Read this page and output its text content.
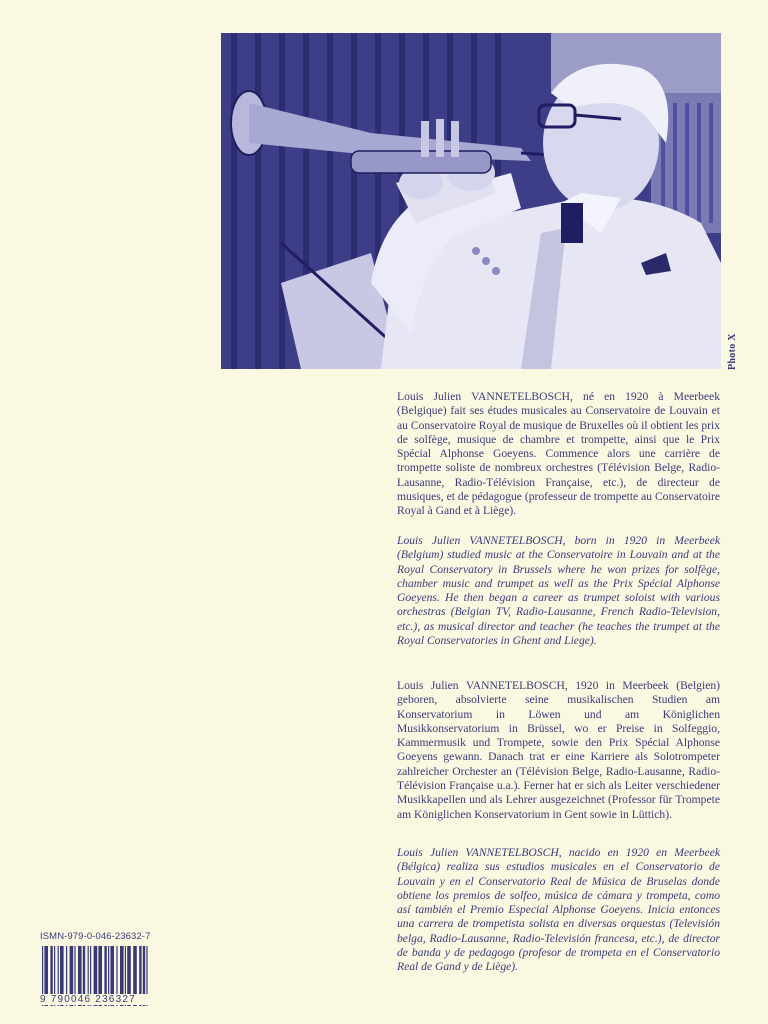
Photo X

Louis Julien VANNETELBOSCH, né en 1920 à Meerbeek (Belgique) fait ses études musicales au Conservatoire de Louvain et au Conservatoire Royal de musique de Bruxelles où il obtient les prix de solfège, musique de chambre et trompette, ainsi que le Prix Spécial Alphonse Goeyens. Commence alors une carrière de trompette soliste de nombreux orchestres (Télévision Belge, Radio-Lausanne, Radio-Télévision Française, etc.), de directeur de musiques, et de pédagogue (professeur de trompette au Conservatoire Royal à Gand et à Liège).

Louis Julien VANNETELBOSCH, born in 1920 in Meerbeek (Belgium) studied music at the Conservatoire in Louvain and at the Royal Conservatory in Brussels where he won prizes for solfège, chamber music and trumpet as well as the Prix Spécial Alphonse Goeyens. He then began a career as trumpet soloist with various orchestras (Belgian TV, Radio-Lausanne, French Radio-Television, etc.), as musical director and teacher (he teaches the trumpet at the Royal Conservatories in Ghent and Liege).

Louis Julien VANNETELBOSCH, 1920 in Meerbeek (Belgien) geboren, absolvierte seine musikalischen Studien am Konservatorium in Löwen und am Königlichen Musikkonservatorium in Brüssel, wo er Preise in Solfeggio, Kammermusik und Trompete, sowie den Prix Spécial Alphonse Goeyens gewann. Danach trat er eine Karriere als Solotrompeter zahlreicher Orchester an (Télévision Belge, Radio-Lausanne, Radio-Télévision Française u.a.). Ferner hat er sich als Leiter verschiedener Musikkapellen und als Lehrer ausgezeichnet (Professor für Trompete am Königlichen Konservatorium in Gent sowie in Lüttich).

Louis Julien VANNETELBOSCH, nacido en 1920 en Meerbeek (Bélgica) realiza sus estudios musicales en el Conservatorio de Louvain y en el Conservatorio Real de Música de Bruselas donde obtiene los premios de solfeo, música de cámara y trompeta, como así también el Premio Especial Alphonse Goeyens. Inicia entonces una carrera de trompetista solista en diversas orquestas (Televisión belga, Radio-Lausanne, Radio-Televisión francesa, etc.), de director de banda y de pedagogo (profesor de trompeta en el Conservatorio Real de Gand y de Liège).

ISMN-979-0-046-23632-7
9 790046 236327
